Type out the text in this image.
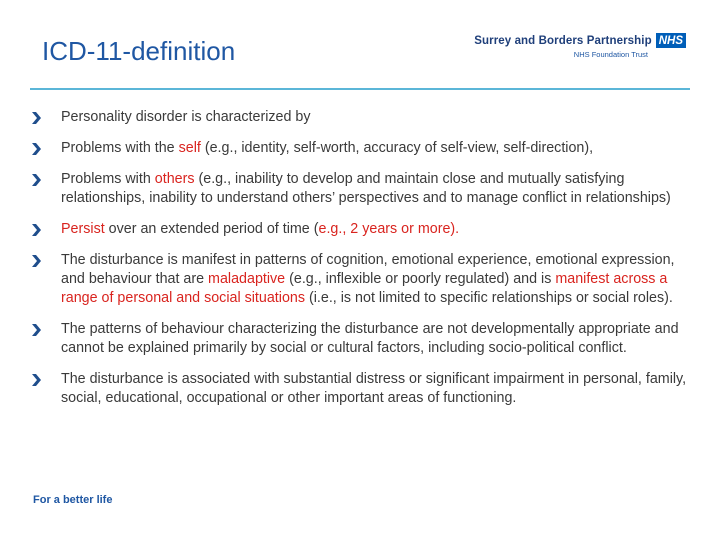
ICD-11-definition	Surrey and Borders Partnership NHS
NHS Foundation Trust
Personality disorder is characterized by
Problems with the self (e.g., identity, self-worth, accuracy of self-view, self-direction),
Problems with others (e.g., inability to develop and maintain close and mutually satisfying relationships, inability to understand others’ perspectives and to manage conflict in relationships)
Persist over an extended period of time (e.g., 2 years or more).
The disturbance is manifest in patterns of cognition, emotional experience, emotional expression, and behaviour that are maladaptive (e.g., inflexible or poorly regulated) and is manifest across a range of personal and social situations (i.e., is not limited to specific relationships or social roles).
The patterns of behaviour characterizing the disturbance are not developmentally appropriate and cannot be explained primarily by social or cultural factors, including socio-political conflict.
The disturbance is associated with substantial distress or significant impairment in personal, family, social, educational, occupational or other important areas of functioning.
For a better life
